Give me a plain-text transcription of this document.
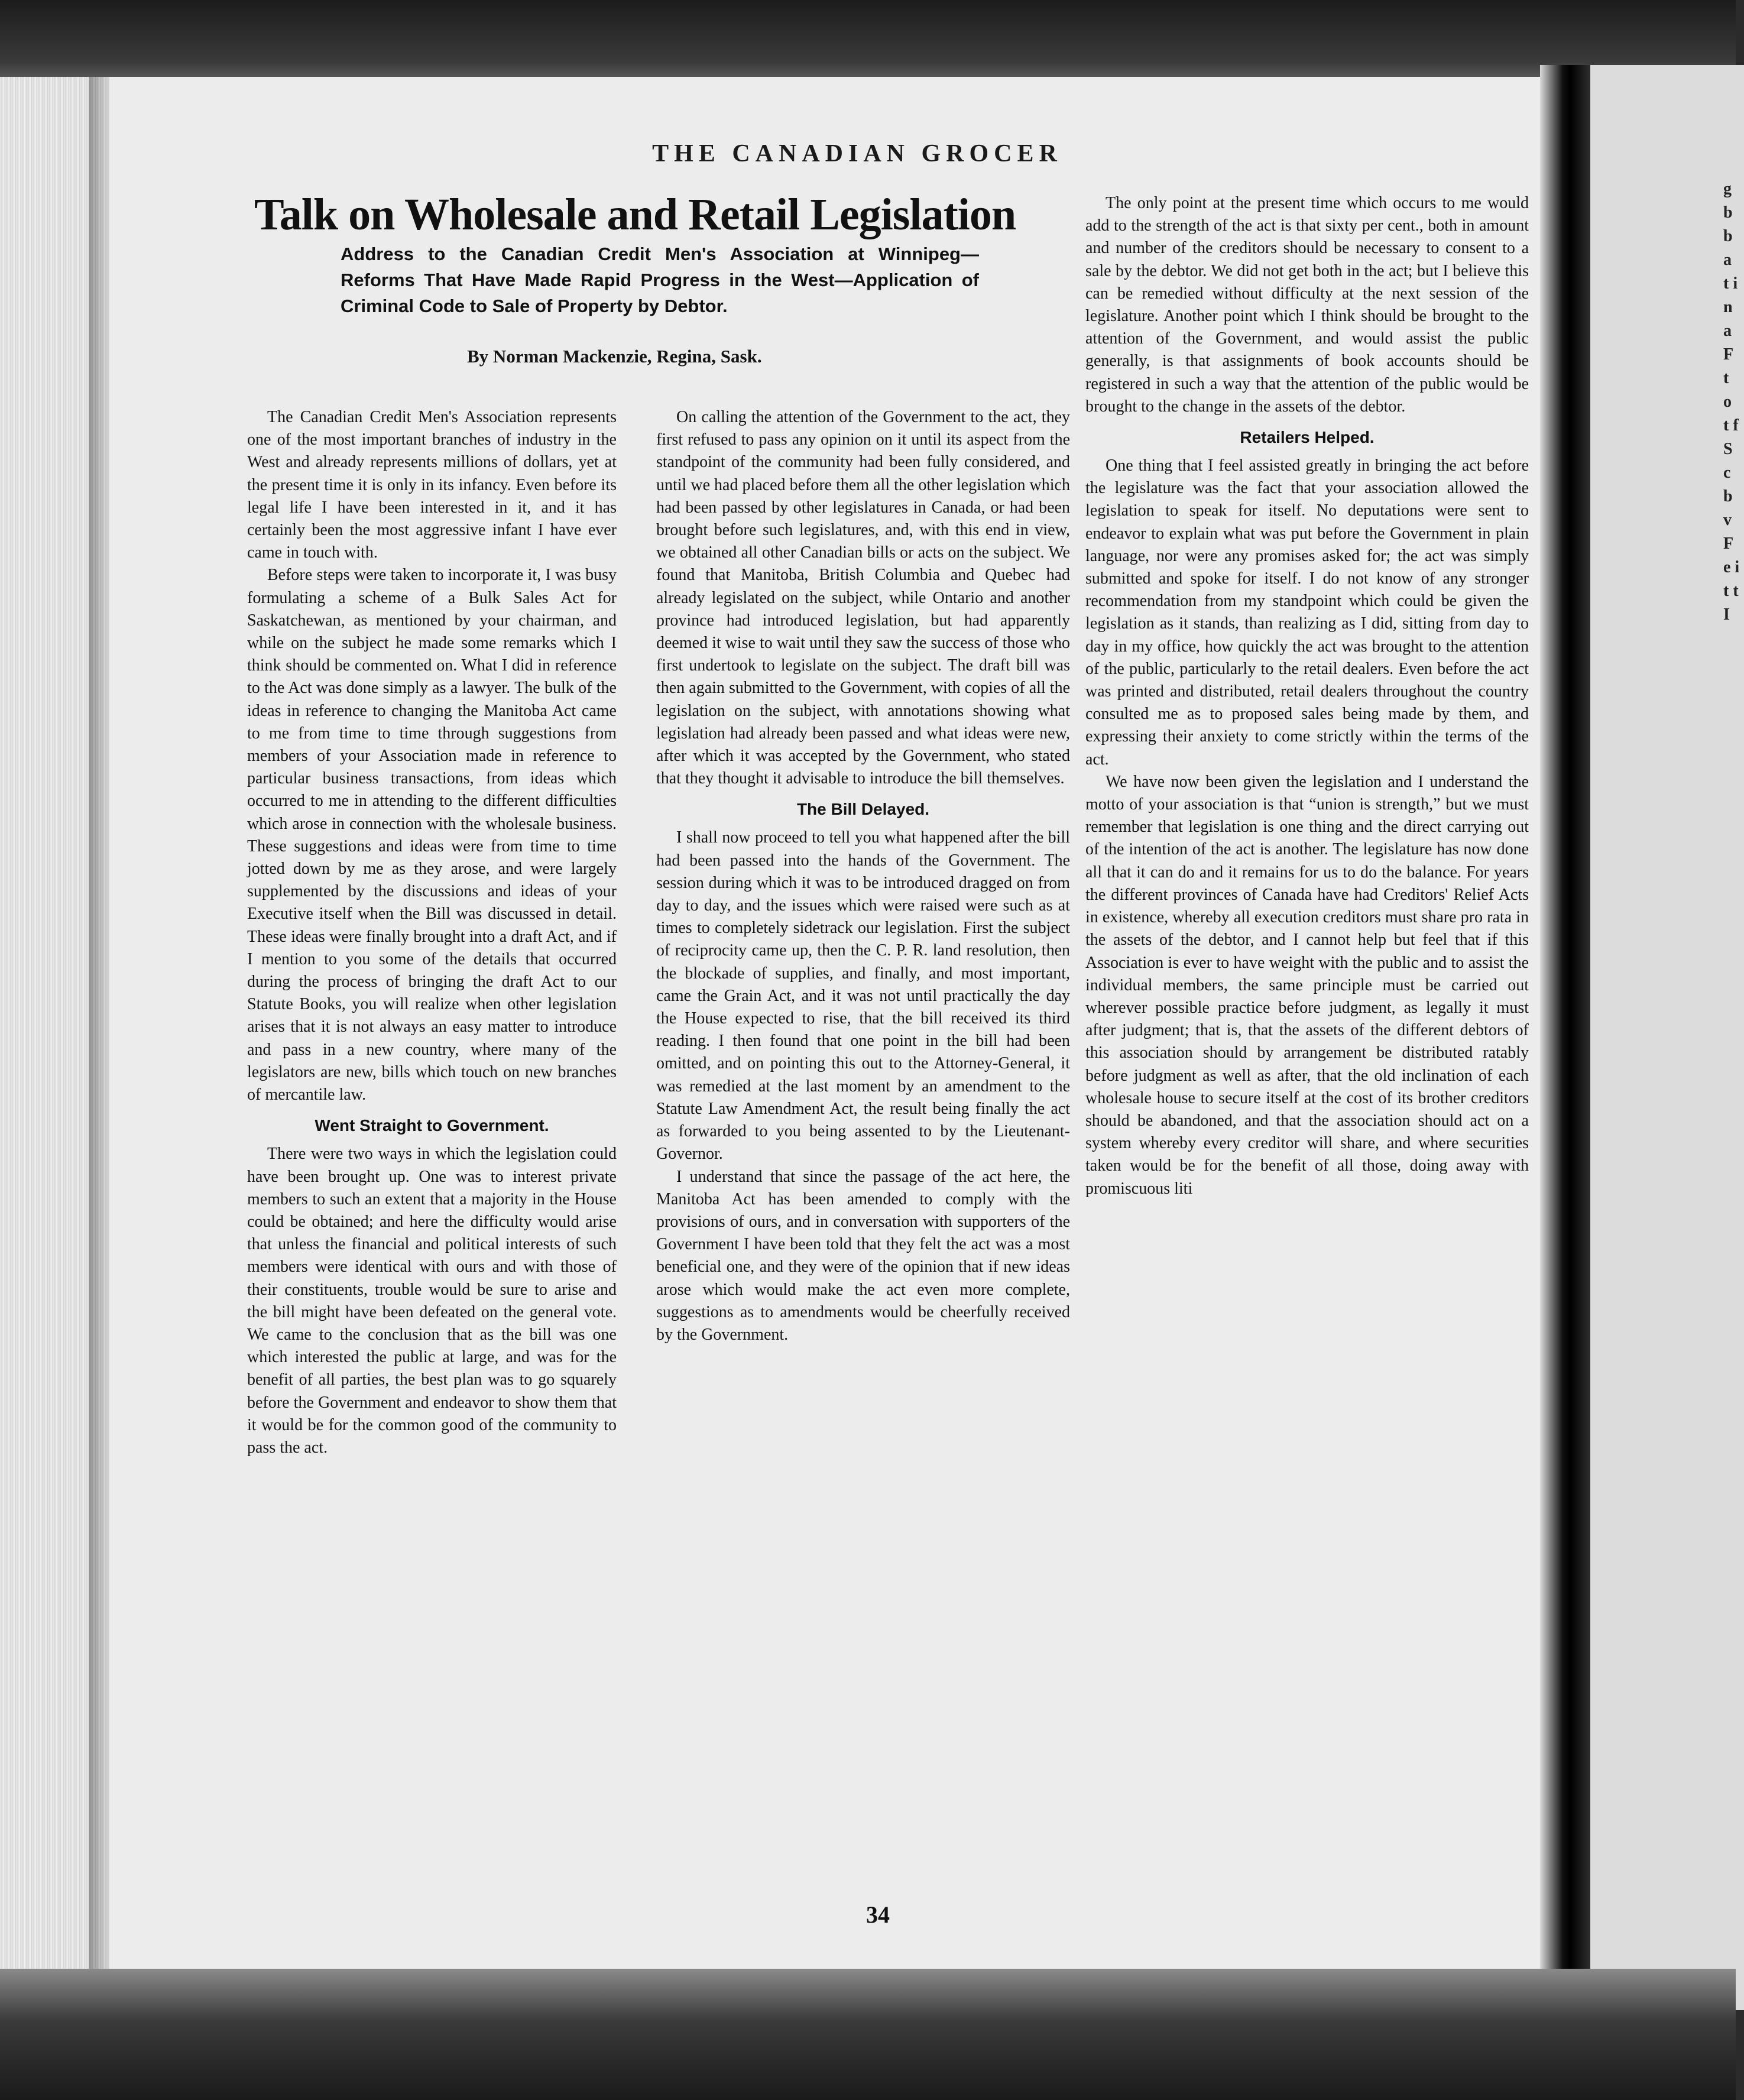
g b b a t i n a F t o t f S c b v F e i t t I
THE CANADIAN GROCER
Talk on Wholesale and Retail Legislation
Address to the Canadian Credit Men's Association at Winnipeg—Reforms That Have Made Rapid Progress in the West—Application of Criminal Code to Sale of Property by Debtor.
By Norman Mackenzie, Regina, Sask.

The Canadian Credit Men's Association represents one of the most important branches of industry in the West and already represents millions of dollars, yet at the present time it is only in its infancy. Even before its legal life I have been interested in it, and it has certainly been the most aggressive infant I have ever came in touch with.

Before steps were taken to incorporate it, I was busy formulating a scheme of a Bulk Sales Act for Saskatchewan, as mentioned by your chairman, and while on the subject he made some remarks which I think should be commented on. What I did in reference to the Act was done simply as a lawyer. The bulk of the ideas in reference to changing the Manitoba Act came to me from time to time through suggestions from members of your Association made in reference to particular business transactions, from ideas which occurred to me in attending to the different difficulties which arose in connection with the wholesale business. These suggestions and ideas were from time to time jotted down by me as they arose, and were largely supplemented by the discussions and ideas of your Executive itself when the Bill was discussed in detail. These ideas were finally brought into a draft Act, and if I mention to you some of the details that occurred during the process of bringing the draft Act to our Statute Books, you will realize when other legislation arises that it is not always an easy matter to introduce and pass in a new country, where many of the legislators are new, bills which touch on new branches of mercantile law.

Went Straight to Government.

There were two ways in which the legislation could have been brought up. One was to interest private members to such an extent that a majority in the House could be obtained; and here the difficulty would arise that unless the financial and political interests of such members were identical with ours and with those of their constituents, trouble would be sure to arise and the bill might have been defeated on the general vote. We came to the conclusion that as the bill was one which interested the public at large, and was for the benefit of all parties, the best plan was to go squarely before the Government and endeavor to show them that it would be for the common good of the community to pass the act.

On calling the attention of the Government to the act, they first refused to pass any opinion on it until its aspect from the standpoint of the community had been fully considered, and until we had placed before them all the other legislation which had been passed by other legislatures in Canada, or had been brought before such legislatures, and, with this end in view, we obtained all other Canadian bills or acts on the subject. We found that Manitoba, British Columbia and Quebec had already legislated on the subject, while Ontario and another province had introduced legislation, but had apparently deemed it wise to wait until they saw the success of those who first undertook to legislate on the subject. The draft bill was then again submitted to the Government, with copies of all the legislation on the subject, with annotations showing what legislation had already been passed and what ideas were new, after which it was accepted by the Government, who stated that they thought it advisable to introduce the bill themselves.

The Bill Delayed.

I shall now proceed to tell you what happened after the bill had been passed into the hands of the Government. The session during which it was to be introduced dragged on from day to day, and the issues which were raised were such as at times to completely sidetrack our legislation. First the subject of reciprocity came up, then the C. P. R. land resolution, then the blockade of supplies, and finally, and most important, came the Grain Act, and it was not until practically the day the House expected to rise, that the bill received its third reading. I then found that one point in the bill had been omitted, and on pointing this out to the Attorney-General, it was remedied at the last moment by an amendment to the Statute Law Amendment Act, the result being finally the act as forwarded to you being assented to by the Lieutenant-Governor.

I understand that since the passage of the act here, the Manitoba Act has been amended to comply with the provisions of ours, and in conversation with supporters of the Government I have been told that they felt the act was a most beneficial one, and they were of the opinion that if new ideas arose which would make the act even more complete, suggestions as to amendments would be cheerfully received by the Government.

The only point at the present time which occurs to me would add to the strength of the act is that sixty per cent., both in amount and number of the creditors should be necessary to consent to a sale by the debtor. We did not get both in the act; but I believe this can be remedied without difficulty at the next session of the legislature. Another point which I think should be brought to the attention of the Government, and would assist the public generally, is that assignments of book accounts should be registered in such a way that the attention of the public would be brought to the change in the assets of the debtor.

Retailers Helped.

One thing that I feel assisted greatly in bringing the act before the legislature was the fact that your association allowed the legislation to speak for itself. No deputations were sent to endeavor to explain what was put before the Government in plain language, nor were any promises asked for; the act was simply submitted and spoke for itself. I do not know of any stronger recommendation from my standpoint which could be given the legislation as it stands, than realizing as I did, sitting from day to day in my office, how quickly the act was brought to the attention of the public, particularly to the retail dealers. Even before the act was printed and distributed, retail dealers throughout the country consulted me as to proposed sales being made by them, and expressing their anxiety to come strictly within the terms of the act.

We have now been given the legislation and I understand the motto of your association is that “union is strength,” but we must remember that legislation is one thing and the direct carrying out of the intention of the act is another. The legislature has now done all that it can do and it remains for us to do the balance. For years the different provinces of Canada have had Creditors' Relief Acts in existence, whereby all execution creditors must share pro rata in the assets of the debtor, and I cannot help but feel that if this Association is ever to have weight with the public and to assist the individual members, the same principle must be carried out wherever possible practice before judgment, as legally it must after judgment; that is, that the assets of the different debtors of this association should by arrangement be distributed ratably before judgment as well as after, that the old inclination of each wholesale house to secure itself at the cost of its brother creditors should be abandoned, and that the association should act on a system whereby every creditor will share, and where securities taken would be for the benefit of all those, doing away with promiscuous liti

34
